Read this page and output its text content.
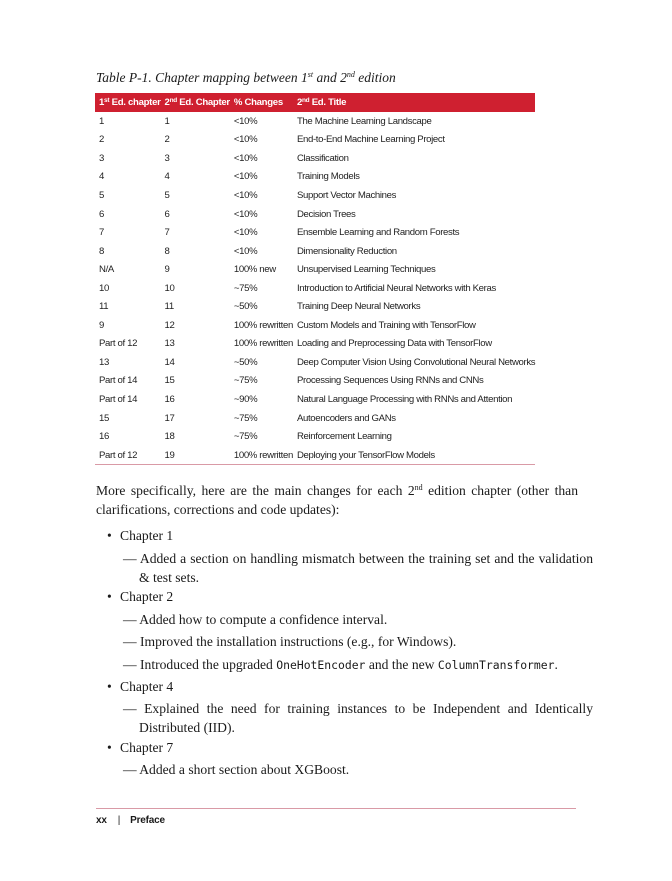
Table P-1. Chapter mapping between 1st and 2nd edition
1st Ed. chapter	2nd Ed. Chapter	% Changes	2nd Ed. Title
1	1	<10%	The Machine Learning Landscape
2	2	<10%	End-to-End Machine Learning Project
3	3	<10%	Classification
4	4	<10%	Training Models
5	5	<10%	Support Vector Machines
6	6	<10%	Decision Trees
7	7	<10%	Ensemble Learning and Random Forests
8	8	<10%	Dimensionality Reduction
N/A	9	100% new	Unsupervised Learning Techniques
10	10	~75%	Introduction to Artificial Neural Networks with Keras
11	11	~50%	Training Deep Neural Networks
9	12	100% rewritten	Custom Models and Training with TensorFlow
Part of 12	13	100% rewritten	Loading and Preprocessing Data with TensorFlow
13	14	~50%	Deep Computer Vision Using Convolutional Neural Networks
Part of 14	15	~75%	Processing Sequences Using RNNs and CNNs
Part of 14	16	~90%	Natural Language Processing with RNNs and Attention
15	17	~75%	Autoencoders and GANs
16	18	~75%	Reinforcement Learning
Part of 12	19	100% rewritten	Deploying your TensorFlow Models
More specifically, here are the main changes for each 2nd edition chapter (other than clarifications, corrections and code updates):
• Chapter 1
— Added a section on handling mismatch between the training set and the validation & test sets.
• Chapter 2
— Added how to compute a confidence interval.
— Improved the installation instructions (e.g., for Windows).
— Introduced the upgraded OneHotEncoder and the new ColumnTransformer.
• Chapter 4
— Explained the need for training instances to be Independent and Identically Distributed (IID).
• Chapter 7
— Added a short section about XGBoost.
xx | Preface
